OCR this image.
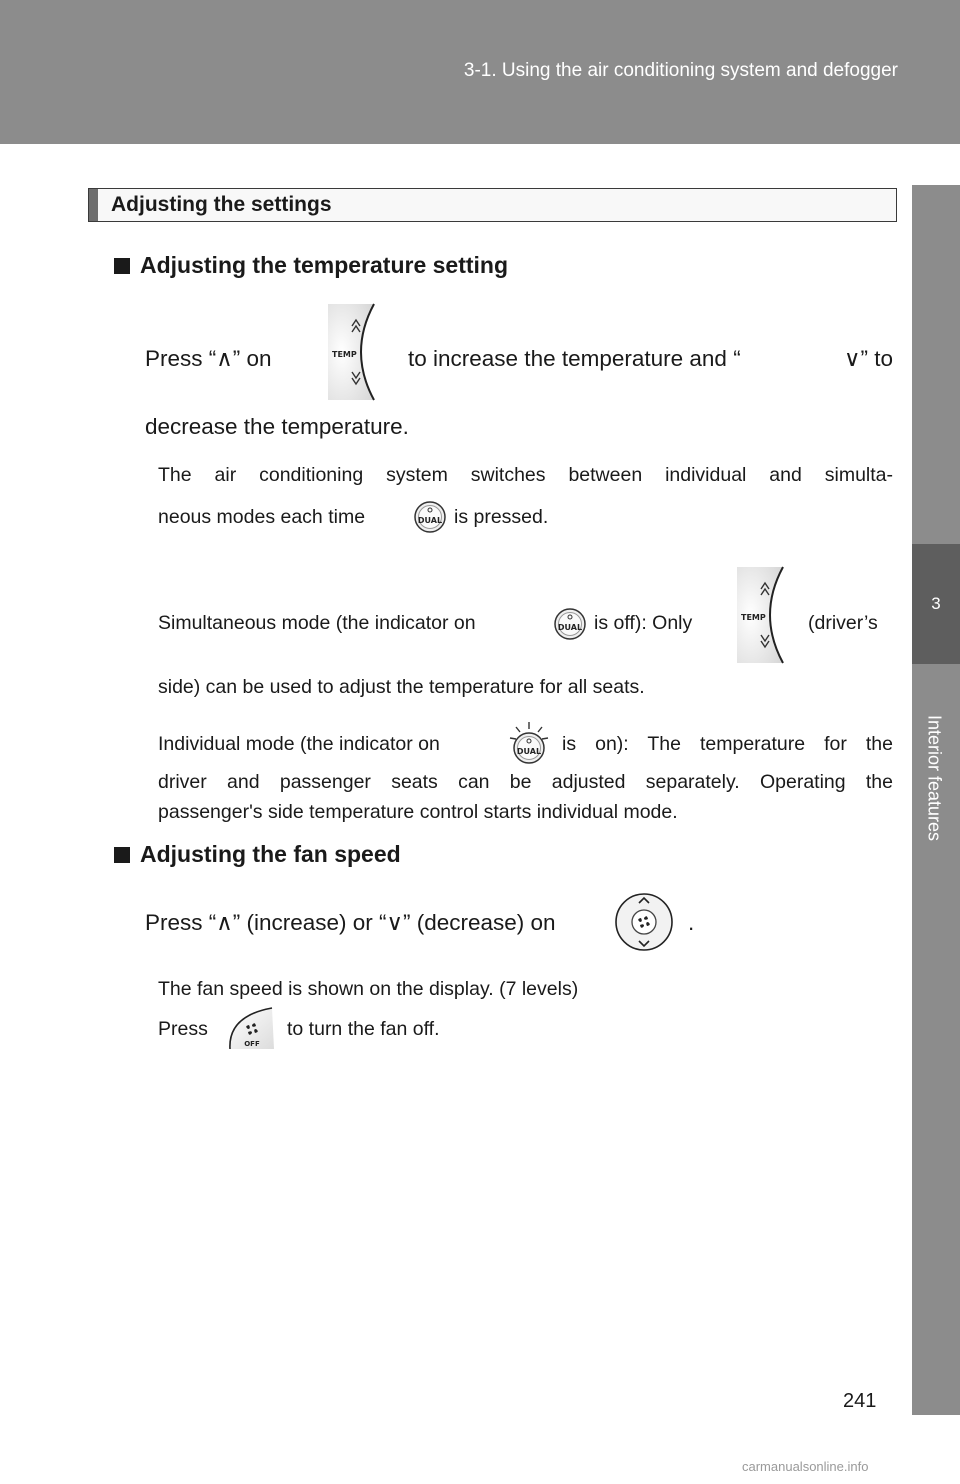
3-1. Using the air conditioning system and defogger
3
Interior features
Adjusting the settings
Adjusting the temperature setting
Press “∧” on	TEMP to increase the temperature and “	∨” to
decrease the temperature.
The air conditioning system switches between individual and simulta-
neous modes each time	DUAL is pressed.
Simultaneous mode (the indicator on	DUAL is off): Only	TEMP (driver’s
side) can be used to adjust the temperature for all seats.
Individual mode (the indicator on	DUAL is on): The temperature for the
driver and passenger seats can be adjusted separately. Operating the
passenger's side temperature control starts individual mode.
Adjusting the fan speed
Press “∧” (increase) or “∨” (decrease) on	.
The fan speed is shown on the display. (7 levels)
Press
OFF
to turn the fan off.
241
carmanualsonline.info
